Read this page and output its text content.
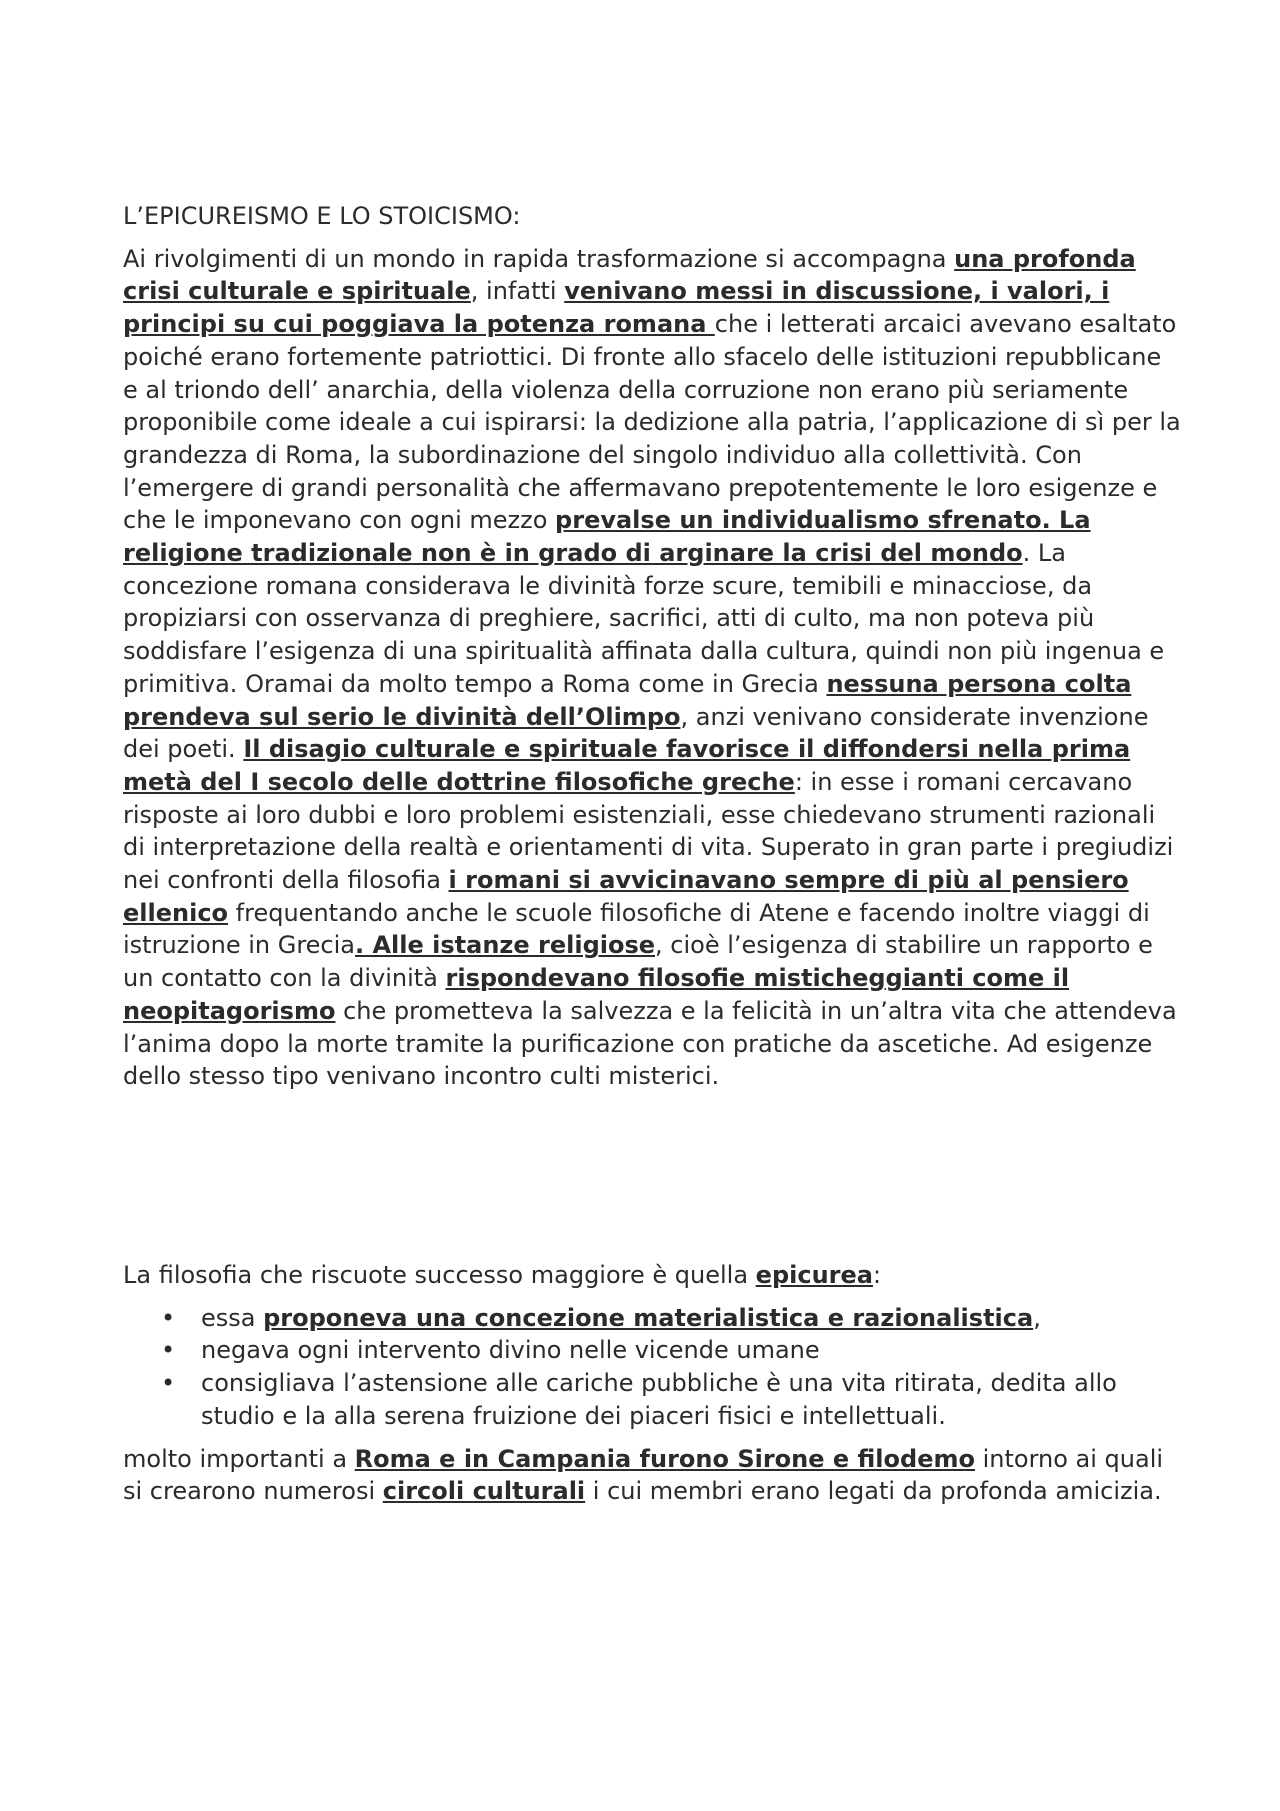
L’EPICUREISMO E LO STOICISMO:

Ai rivolgimenti di un mondo in rapida trasformazione si accompagna una profonda crisi culturale e spirituale, infatti venivano messi in discussione, i valori, i principi su cui poggiava la potenza romana che i letterati arcaici avevano esaltato poiché erano fortemente patriottici. Di fronte allo sfacelo delle istituzioni repubblicane e al triondo dell’ anarchia, della violenza della corruzione non erano più seriamente proponibile come ideale a cui ispirarsi: la dedizione alla patria, l’applicazione di sì per la grandezza di Roma, la subordinazione del singolo individuo alla collettività. Con l’emergere di grandi personalità che affermavano prepotentemente le loro esigenze e che le imponevano con ogni mezzo prevalse un individualismo sfrenato. La religione tradizionale non è in grado di arginare la crisi del mondo. La concezione romana considerava le divinità forze scure, temibili e minacciose, da propiziarsi con osservanza di preghiere, sacrifici, atti di culto, ma non poteva più soddisfare l’esigenza di una spiritualità affinata dalla cultura, quindi non più ingenua e primitiva. Oramai da molto tempo a Roma come in Grecia nessuna persona colta prendeva sul serio le divinità dell’Olimpo, anzi venivano considerate invenzione dei poeti. Il disagio culturale e spirituale favorisce il diffondersi nella prima metà del I secolo delle dottrine filosofiche greche: in esse i romani cercavano risposte ai loro dubbi e loro problemi esistenziali, esse chiedevano strumenti razionali di interpretazione della realtà e orientamenti di vita. Superato in gran parte i pregiudizi nei confronti della filosofia i romani si avvicinavano sempre di più al pensiero ellenico frequentando anche le scuole filosofiche di Atene e facendo inoltre viaggi di istruzione in Grecia. Alle istanze religiose, cioè l’esigenza di stabilire un rapporto e un contatto con la divinità rispondevano filosofie misticheggianti come il neopitagorismo che prometteva la salvezza e la felicità in un’altra vita che attendeva l’anima dopo la morte tramite la purificazione con pratiche da ascetiche. Ad esigenze dello stesso tipo venivano incontro culti misterici.

La filosofia che riscuote successo maggiore è quella epicurea:

• essa proponeva una concezione materialistica e razionalistica,
• negava ogni intervento divino nelle vicende umane
• consigliava l’astensione alle cariche pubbliche è una vita ritirata, dedita allo studio e la alla serena fruizione dei piaceri fisici e intellettuali.

molto importanti a Roma e in Campania furono Sirone e filodemo intorno ai quali si crearono numerosi circoli culturali i cui membri erano legati da profonda amicizia.
